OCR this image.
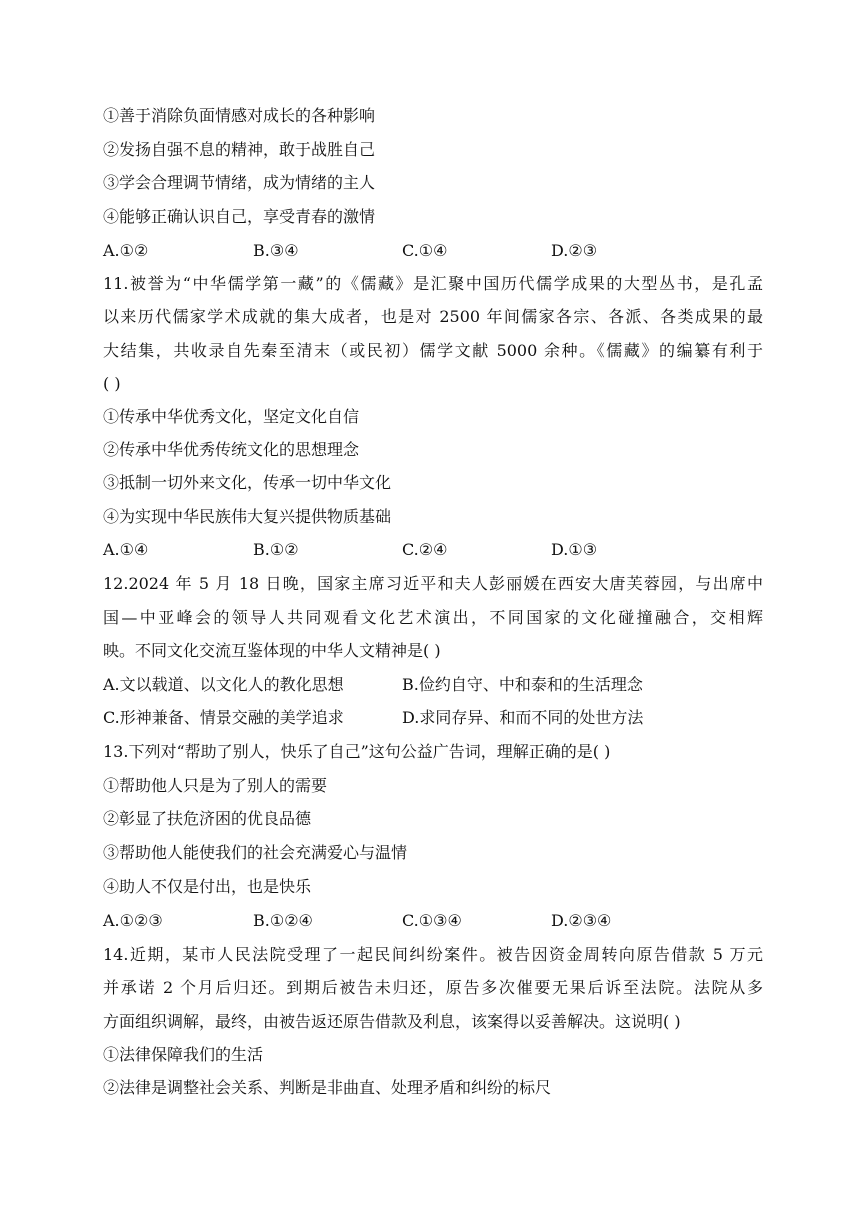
①善于消除负面情感对成长的各种影响
②发扬自强不息的精神，敢于战胜自己
③学会合理调节情绪，成为情绪的主人
④能够正确认识自己，享受青春的激情
A.①②	B.③④	C.①④	D.②③
11.被誉为“中华儒学第一藏”的《儒藏》是汇聚中国历代儒学成果的大型丛书，是孔孟
以来历代儒家学术成就的集大成者，也是对 2500 年间儒家各宗、各派、各类成果的最
大结集，共收录自先秦至清末（或民初）儒学文献 5000 余种。《儒藏》的编纂有利于
( )
①传承中华优秀文化，坚定文化自信
②传承中华优秀传统文化的思想理念
③抵制一切外来文化，传承一切中华文化
④为实现中华民族伟大复兴提供物质基础
A.①④	B.①②	C.②④	D.①③
12.2024 年 5 月 18 日晚，国家主席习近平和夫人彭丽媛在西安大唐芙蓉园，与出席中
国—中亚峰会的领导人共同观看文化艺术演出，不同国家的文化碰撞融合，交相辉
映。不同文化交流互鉴体现的中华人文精神是( )
A.文以载道、以文化人的教化思想	B.俭约自守、中和泰和的生活理念
C.形神兼备、情景交融的美学追求	D.求同存异、和而不同的处世方法
13.下列对“帮助了别人，快乐了自己”这句公益广告词，理解正确的是( )
①帮助他人只是为了别人的需要
②彰显了扶危济困的优良品德
③帮助他人能使我们的社会充满爱心与温情
④助人不仅是付出，也是快乐
A.①②③	B.①②④	C.①③④	D.②③④
14.近期，某市人民法院受理了一起民间纠纷案件。被告因资金周转向原告借款 5 万元
并承诺 2 个月后归还。到期后被告未归还，原告多次催要无果后诉至法院。法院从多
方面组织调解，最终，由被告返还原告借款及利息，该案得以妥善解决。这说明( )
①法律保障我们的生活
②法律是调整社会关系、判断是非曲直、处理矛盾和纠纷的标尺
